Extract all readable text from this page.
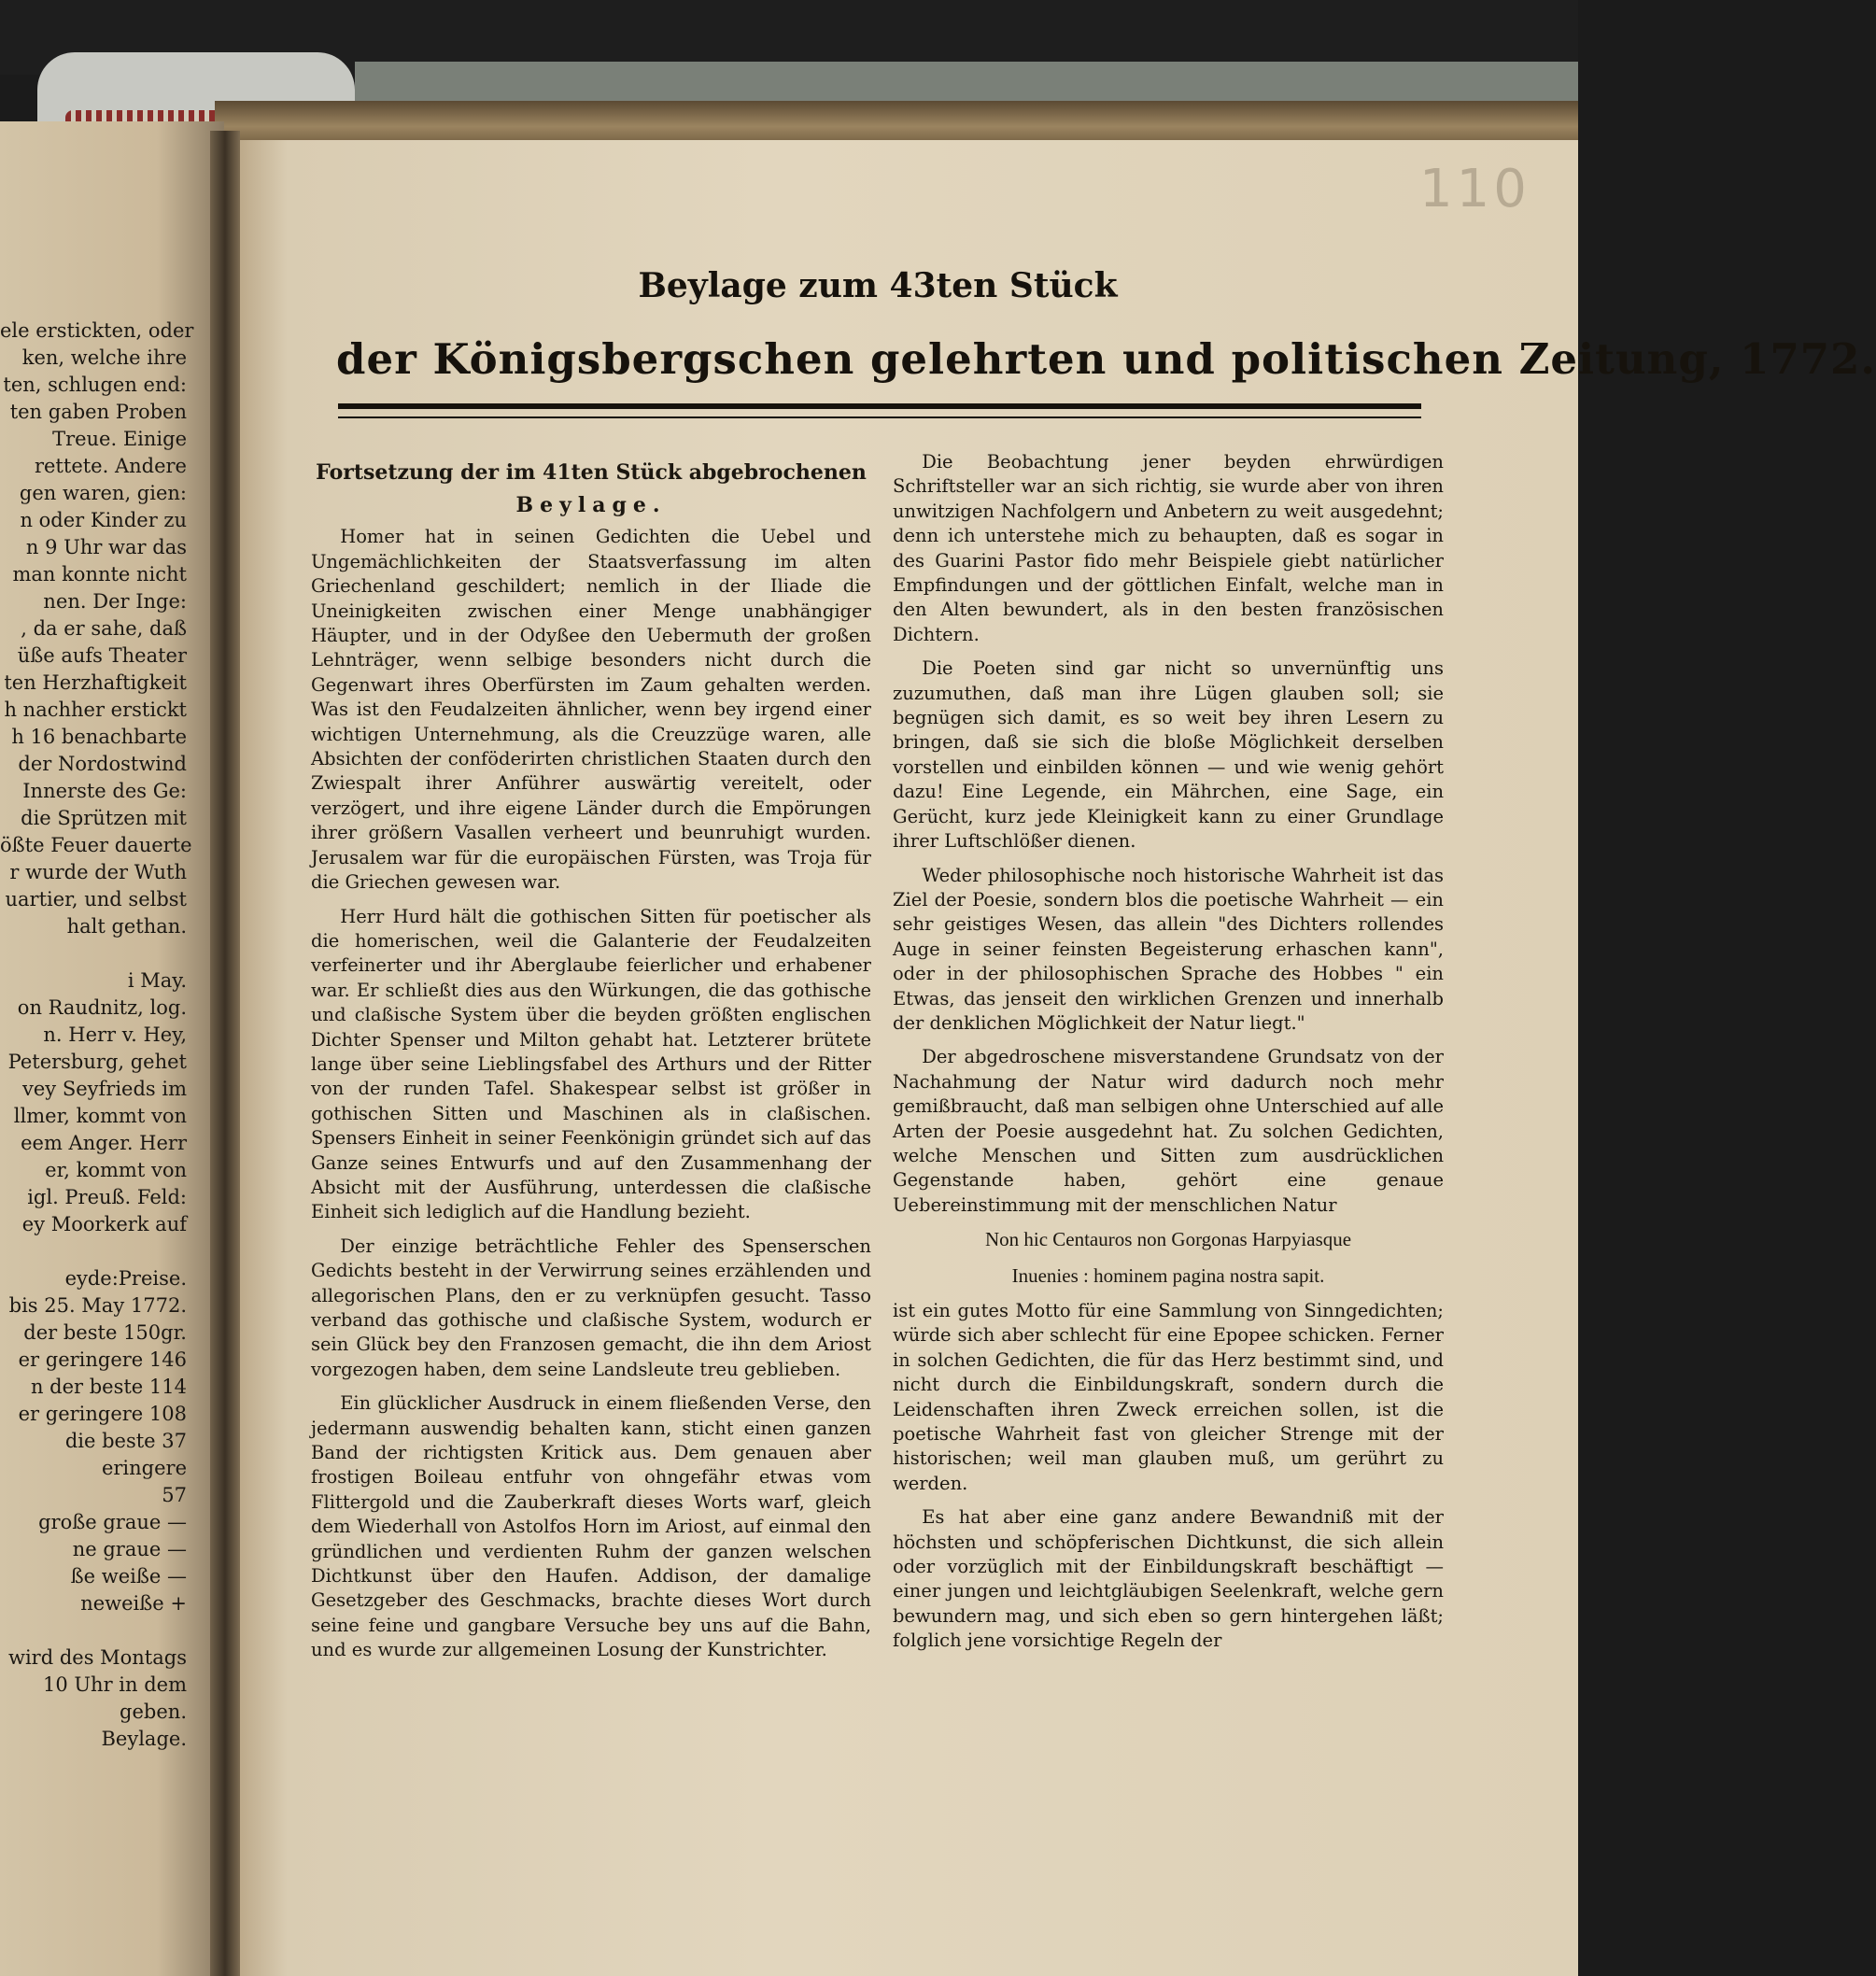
ele erstickten, oder

ken, welche ihre

ten, schlugen end:

ten gaben Proben

Treue. Einige

rettete. Andere

gen waren, gien:

n oder Kinder zu

n 9 Uhr war das

man konnte nicht

nen. Der Inge:

, da er sahe, daß

üße aufs Theater

ten Herzhaftigkeit

h nachher erstickt

h 16 benachbarte

der Nordostwind

Innerste des Ge:

die Sprützen mit

ößte Feuer dauerte

r wurde der Wuth

uartier, und selbst

halt gethan.

i May.

on Raudnitz, log.

n. Herr v. Hey,

Petersburg, gehet

vey Seyfrieds im

llmer, kommt von

eem Anger. Herr

er, kommt von

igl. Preuß. Feld:

ey Moorkerk auf

eyde:Preise.

bis 25. May 1772.

der beste 150gr.

er geringere 146

n der beste 114

er geringere 108

die beste 37

eringere

57

große graue —

ne graue —

ße weiße —

neweiße +

wird des Montags

10 Uhr in dem

geben.

Beylage.

110
Beylage zum 43ten Stück
der Königsbergschen gelehrten und politischen Zeitung, 1772.

Fortsetzung der im 41ten Stück abgebrochenen

Beylage.

Homer hat in seinen Gedichten die Uebel und Ungemächlichkeiten der Staatsverfassung im alten Griechenland geschildert; nemlich in der Iliade die Uneinigkeiten zwischen einer Menge unabhängiger Häupter, und in der Odyßee den Uebermuth der großen Lehnträger, wenn selbige besonders nicht durch die Gegenwart ihres Oberfürsten im Zaum gehalten werden. Was ist den Feudalzeiten ähnlicher, wenn bey irgend einer wichtigen Unternehmung, als die Creuzzüge waren, alle Absichten der conföderirten christlichen Staaten durch den Zwiespalt ihrer Anführer auswärtig vereitelt, oder verzögert, und ihre eigene Länder durch die Empörungen ihrer größern Vasallen verheert und beunruhigt wurden. Jerusalem war für die europäischen Fürsten, was Troja für die Griechen gewesen war.

Herr Hurd hält die gothischen Sitten für poetischer als die homerischen, weil die Galanterie der Feudalzeiten verfeinerter und ihr Aberglaube feierlicher und erhabener war. Er schließt dies aus den Würkungen, die das gothische und claßische System über die beyden größten englischen Dichter Spenser und Milton gehabt hat. Letzterer brütete lange über seine Lieblingsfabel des Arthurs und der Ritter von der runden Tafel. Shakespear selbst ist größer in gothischen Sitten und Maschinen als in claßischen. Spensers Einheit in seiner Feenkönigin gründet sich auf das Ganze seines Entwurfs und auf den Zusammenhang der Absicht mit der Ausführung, unterdessen die claßische Einheit sich lediglich auf die Handlung bezieht.

Der einzige beträchtliche Fehler des Spenserschen Gedichts besteht in der Verwirrung seines erzählenden und allegorischen Plans, den er zu verknüpfen gesucht. Tasso verband das gothische und claßische System, wodurch er sein Glück bey den Franzosen gemacht, die ihn dem Ariost vorgezogen haben, dem seine Landsleute treu geblieben.

Ein glücklicher Ausdruck in einem fließenden Verse, den jedermann auswendig behalten kann, sticht einen ganzen Band der richtigsten Kritick aus. Dem genauen aber frostigen Boileau entfuhr von ohngefähr etwas vom Flittergold und die Zauberkraft dieses Worts warf, gleich dem Wiederhall von Astolfos Horn im Ariost, auf einmal den gründlichen und verdienten Ruhm der ganzen welschen Dichtkunst über den Haufen. Addison, der damalige Gesetzgeber des Geschmacks, brachte dieses Wort durch seine feine und gangbare Versuche bey uns auf die Bahn, und es wurde zur allgemeinen Losung der Kunstrichter.

Die Beobachtung jener beyden ehrwürdigen Schriftsteller war an sich richtig, sie wurde aber von ihren unwitzigen Nachfolgern und Anbetern zu weit ausgedehnt; denn ich unterstehe mich zu behaupten, daß es sogar in des Guarini Pastor fido mehr Beispiele giebt natürlicher Empfindungen und der göttlichen Einfalt, welche man in den Alten bewundert, als in den besten französischen Dichtern.

Die Poeten sind gar nicht so unvernünftig uns zuzumuthen, daß man ihre Lügen glauben soll; sie begnügen sich damit, es so weit bey ihren Lesern zu bringen, daß sie sich die bloße Möglichkeit derselben vorstellen und einbilden können — und wie wenig gehört dazu! Eine Legende, ein Mährchen, eine Sage, ein Gerücht, kurz jede Kleinigkeit kann zu einer Grundlage ihrer Luftschlößer dienen.

Weder philosophische noch historische Wahrheit ist das Ziel der Poesie, sondern blos die poetische Wahrheit — ein sehr geistiges Wesen, das allein "des Dichters rollendes Auge in seiner feinsten Begeisterung erhaschen kann", oder in der philosophischen Sprache des Hobbes " ein Etwas, das jenseit den wirklichen Grenzen und innerhalb der denklichen Möglichkeit der Natur liegt."

Der abgedroschene misverstandene Grundsatz von der Nachahmung der Natur wird dadurch noch mehr gemißbraucht, daß man selbigen ohne Unterschied auf alle Arten der Poesie ausgedehnt hat. Zu solchen Gedichten, welche Menschen und Sitten zum ausdrücklichen Gegenstande haben, gehört eine genaue Uebereinstimmung mit der menschlichen Natur

Non hic Centauros non Gorgonas Harpyiasque

Inuenies : hominem pagina nostra sapit.

ist ein gutes Motto für eine Sammlung von Sinngedichten; würde sich aber schlecht für eine Epopee schicken. Ferner in solchen Gedichten, die für das Herz bestimmt sind, und nicht durch die Einbildungskraft, sondern durch die Leidenschaften ihren Zweck erreichen sollen, ist die poetische Wahrheit fast von gleicher Strenge mit der historischen; weil man glauben muß, um gerührt zu werden.

Es hat aber eine ganz andere Bewandniß mit der höchsten und schöpferischen Dichtkunst, die sich allein oder vorzüglich mit der Einbildungskraft beschäftigt — einer jungen und leichtgläubigen Seelenkraft, welche gern bewundern mag, und sich eben so gern hintergehen läßt; folglich jene vorsichtige Regeln der
